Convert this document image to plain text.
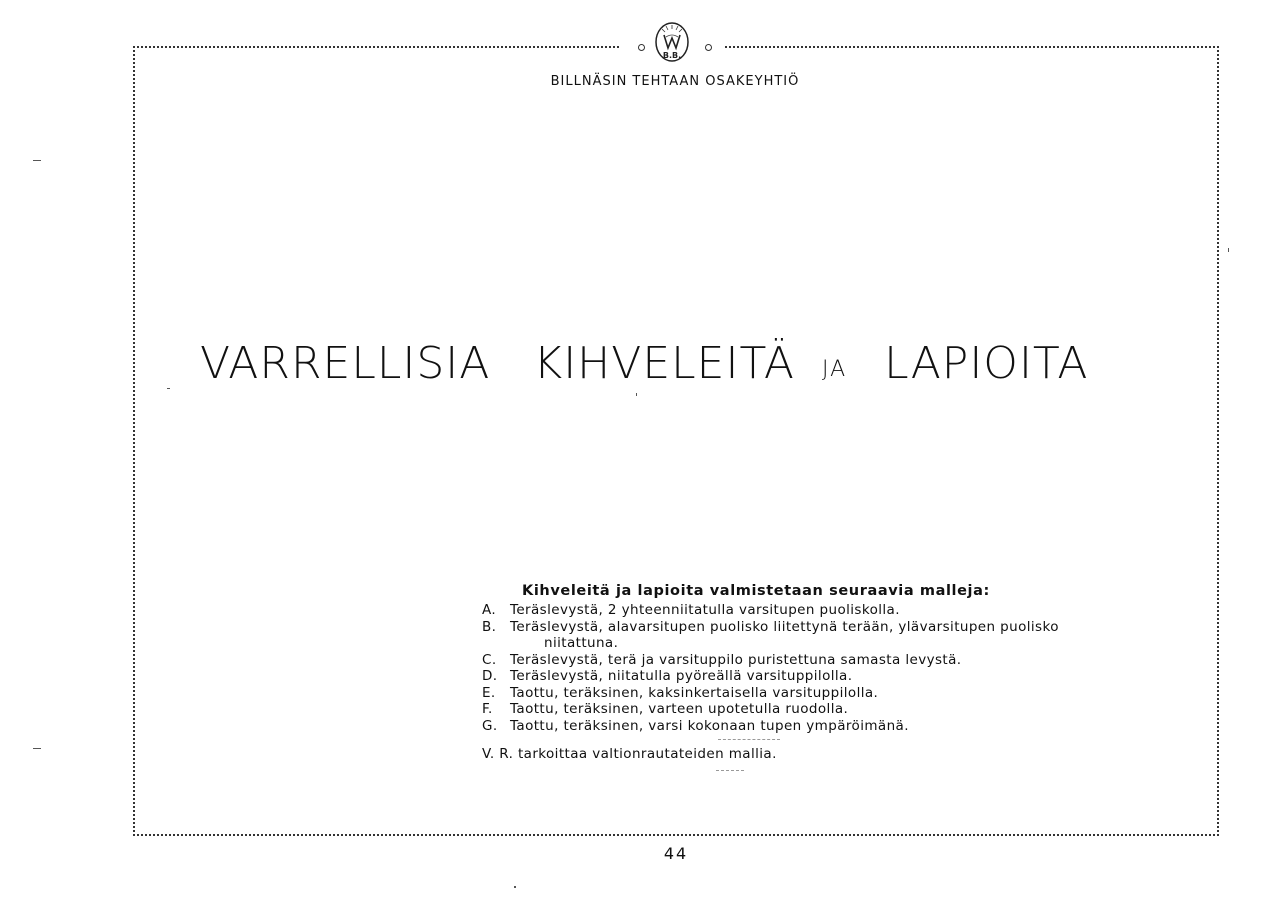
B.B.
BILLNÄSIN TEHTAAN OSAKEYHTIÖ
VARRELLISIA KIHVELEITÄ JA LAPIOITA
Kihveleitä ja lapioita valmistetaan seuraavia malleja:
A.	Teräslevystä, 2 yhteenniitatulla varsitupen puoliskolla.
B.	Teräslevystä, alavarsitupen puolisko liitettynä terään, ylävarsitupen puolisko
niitattuna.
C. Teräslevystä, terä ja varsituppilo puristettuna samasta levystä.
D. Teräslevystä, niitatulla pyöreällä varsituppilolla.
E.	Taottu, teräksinen, kaksinkertaisella varsituppilolla.
F.	Taottu, teräksinen, varteen upotetulla ruodolla.
G. Taottu, teräksinen, varsi kokonaan tupen ympäröimänä.
V. R. tarkoittaa valtionrautateiden mallia.
44
